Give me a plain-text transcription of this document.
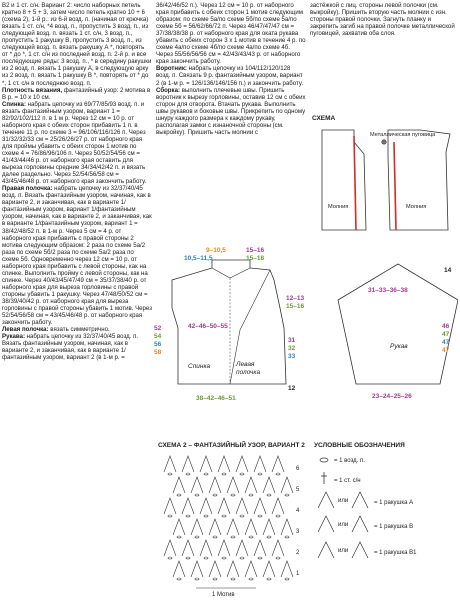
В2 и 1 ст. с/н. Вариант 2: число наборных петель кратно 8 + 5 + 3, затем число петель кратно 10 + 6 (схема 2), 1-й р.: из 6-й возд. п. (начиная от крючка) вязать 1 ст. с/н, *4 возд. п., пропустить 3 возд. п., из следующей возд. п. вязать 1 ст. с/н, 3 возд. п., пропустить 1 ракушку В, пропустить 3 возд. п., из следующей возд. п. вязать ракушку А *, повторять от * до *, 1 ст. с/н из последней возд. п. 2-й р. и все последующие ряды: 3 возд. п., * в середину ракушки из 2 возд. п. вязать 1 ракушку А, в следующую арку из 2 возд. п. вязать 1 ракушку В *, повторять от * до *, 1 ст. с/н в последнюю возд. п.

Плотность вязания, фантазийный узор: 2 мотива в В р. = 10 х 10 см.

Спинка: набрать цепочку из 69/77/85/93 возд. п. и вязать фантазийным узором, вариант 1 = 82/92/102/112 п. в 1 м р. Через 12 см = 10 р. от наборного края с обеих сторон прибавить 1 п. в течение 11 р. по схеме 3 = 96/106/116/126 п. Через 31/32/32/33 см = 25/26/26/27 р. от наборного края для проймы убавить с обеих сторон 1 мотив по схеме 4 = 76/86/96/106 п. Через 50/52/54/56 см = 41/43/44/46 р. от наборного края оставить для выреза горловины средние 34/34/42/42 п. и вязать далее раздельно. Через 52/54/56/58 см = 43/45/46/48 р. от наборного края закончить работу.

Правая полочка: набрать цепочку из 32/37/40/45 возд. п. Вязать фантазийным узором, начиная, как в варианте 2, и заканчивая, как в варианте 1/фантазийным узором, вариант 1/фантазийным узором, начиная, как в варианте 2, и заканчивая, как в варианте 1/фантазийным узором, вариант 1 = 38/42/48/52 п. в 1-м р. Через 5 см = 4 р. от наборного края прибавить с правой стороны 2 мотива следующим образом: 2 раза по схеме 5а/2 раза по схеме 5б/2 раза по схеме 5а/2 раза по схеме 5б. Одновременно через 12 см = 10 р. от наборного края прибавить с левой стороны, как на спинке. Выполнить пройму с левой стороны, как на спинке. Через 40/43/45/47/49 см = 35/37/38/40 р. от наборного края для выреза горловины с правой стороны убавить 1 ракушку. Через 47/48/50/52 см = 38/39/40/42 р. от наборного края для выреза горловины с правой стороны убавить 1 мотив. Через 52/54/56/58 см = 43/45/46/48 р. от наборного края закончить работу.

Левая полочка: вязать симметрично.

Рукава: набрать цепочку из 32/37/40/45 возд. п. Вязать фантазийным узором, начиная, как в варианте 2, и заканчивая, как в варианте 1/фантазийным узором, вариант 2 (в 1-м р. =

36/42/46/52 п.). Через 12 см = 10 р. от наборного края прибавить с обеих сторон 1 мотив следующим образом: по схеме 5а/по схеме 5б/по схеме 5а/по схеме 5б = 56/62/66/72 п. Через 46/47/47/47 см = 37/38/38/38 р. от наборного края для оката рукава убавить с обеих сторон 3 х 1 мотив в течение 4 р. по схеме 4а/по схеме 4б/по схеме 4а/по схеме 4б. Через 55/56/56/56 см = 42/43/43/43 р. от наборного края закончить работу.

Воротник: набрать цепочку из 104/112/120/128 возд. п. Связать 9 р. фантазийным узором, вариант 2 (в 1-м р. = 126/136/146/156 п.) и закончить работу.

Сборка: выполнить плечевые швы. Пришить воротник к вырезу горловины, оставив 12 см с обеих сторон для отворота. Втачать рукава. Выполнить швы рукавов и боковые швы. Прикрепить по одному шнуру каждого размера к каждому рукаву, располагая замки с изнаночной стороны (см. выкройку). Пришить часть молнии с

застёжкой с лиц. стороны левой полочки (см. выкройку). Пришить вторую часть молнии с изн. стороны правой полочки. Загнуть планку и закрепить загиб на правой полочке металлической пуговицей, захватив оба слоя.

СХЕМА
Металлическая пуговица
Молния	Молния
9–10,5
10,5–11,5
15–16
15–18
52
54
56
58
12–13
15–16
42–46–50–55
Спинка	Левая
полочка
31
32
33
12
38–42–46–51
31–33–36–38
Рукав
14
46
47
47
47
23–24–25–26
СХЕМА 2 – ФАНТАЗИЙНЫЙ УЗОР, ВАРИАНТ 2
6
5
4
3
2
1
1 Мотив
УСЛОВНЫЕ ОБОЗНАЧЕНИЯ
= 1 возд. п.
= 1 ст. с/н
или	= 1 ракушка А
или	= 1 ракушка В
или	= 1 ракушка В1
